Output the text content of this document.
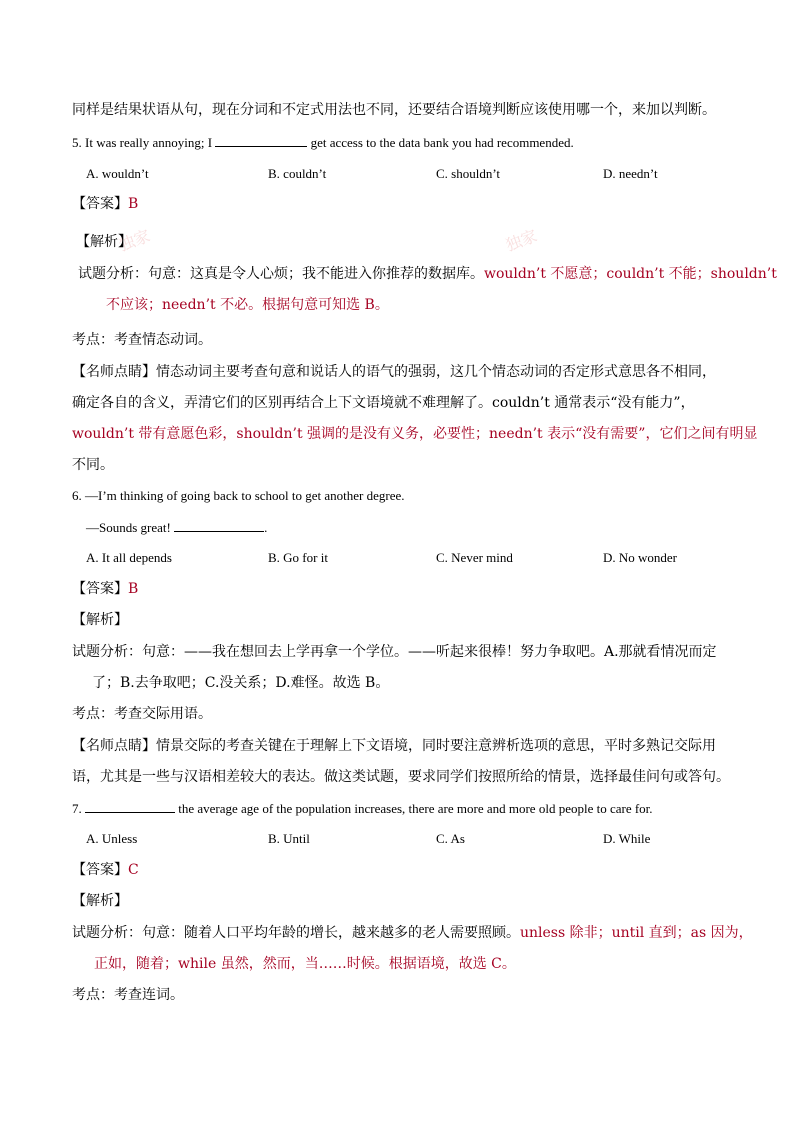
同样是结果状语从句，现在分词和不定式用法也不同，还要结合语境判断应该使用哪一个，来加以判断。
5. It was really annoying; I	get access to the data bank you had recommended.
A. wouldn’t	B. couldn’t	C. shouldn’t	D. needn’t
【答案】B
独家	独家
【解析】
试题分析：句意：这真是令人心烦；我不能进入你推荐的数据库。wouldn’t 不愿意；couldn’t 不能；shouldn’t
不应该；needn’t 不必。根据句意可知选 B。
考点：考查情态动词。
【名师点睛】情态动词主要考查句意和说话人的语气的强弱，这几个情态动词的否定形式意思各不相同，
确定各自的含义，弄清它们的区别再结合上下文语境就不难理解了。couldn’t 通常表示“没有能力”，
wouldn’t 带有意愿色彩，shouldn’t 强调的是没有义务，必要性；needn’t 表示“没有需要”，它们之间有明显
不同。
6. —I’m thinking of going back to school to get another degree.
—Sounds great!	.
A. It all depends	B. Go for it	C. Never mind	D. No wonder
【答案】B
【解析】
试题分析：句意：——我在想回去上学再拿一个学位。——听起来很棒！努力争取吧。A.那就看情况而定
了；B.去争取吧；C.没关系；D.难怪。故选 B。
考点：考查交际用语。
【名师点睛】情景交际的考查关键在于理解上下文语境，同时要注意辨析选项的意思，平时多熟记交际用
语，尤其是一些与汉语相差较大的表达。做这类试题，要求同学们按照所给的情景，选择最佳问句或答句。
7.	the average age of the population increases, there are more and more old people to care for.
A. Unless	B. Until	C. As	D. While
【答案】C
【解析】
试题分析：句意：随着人口平均年龄的增长，越来越多的老人需要照顾。unless 除非；until 直到；as 因为，
正如，随着；while 虽然，然而，当……时候。根据语境，故选 C。
考点：考查连词。
